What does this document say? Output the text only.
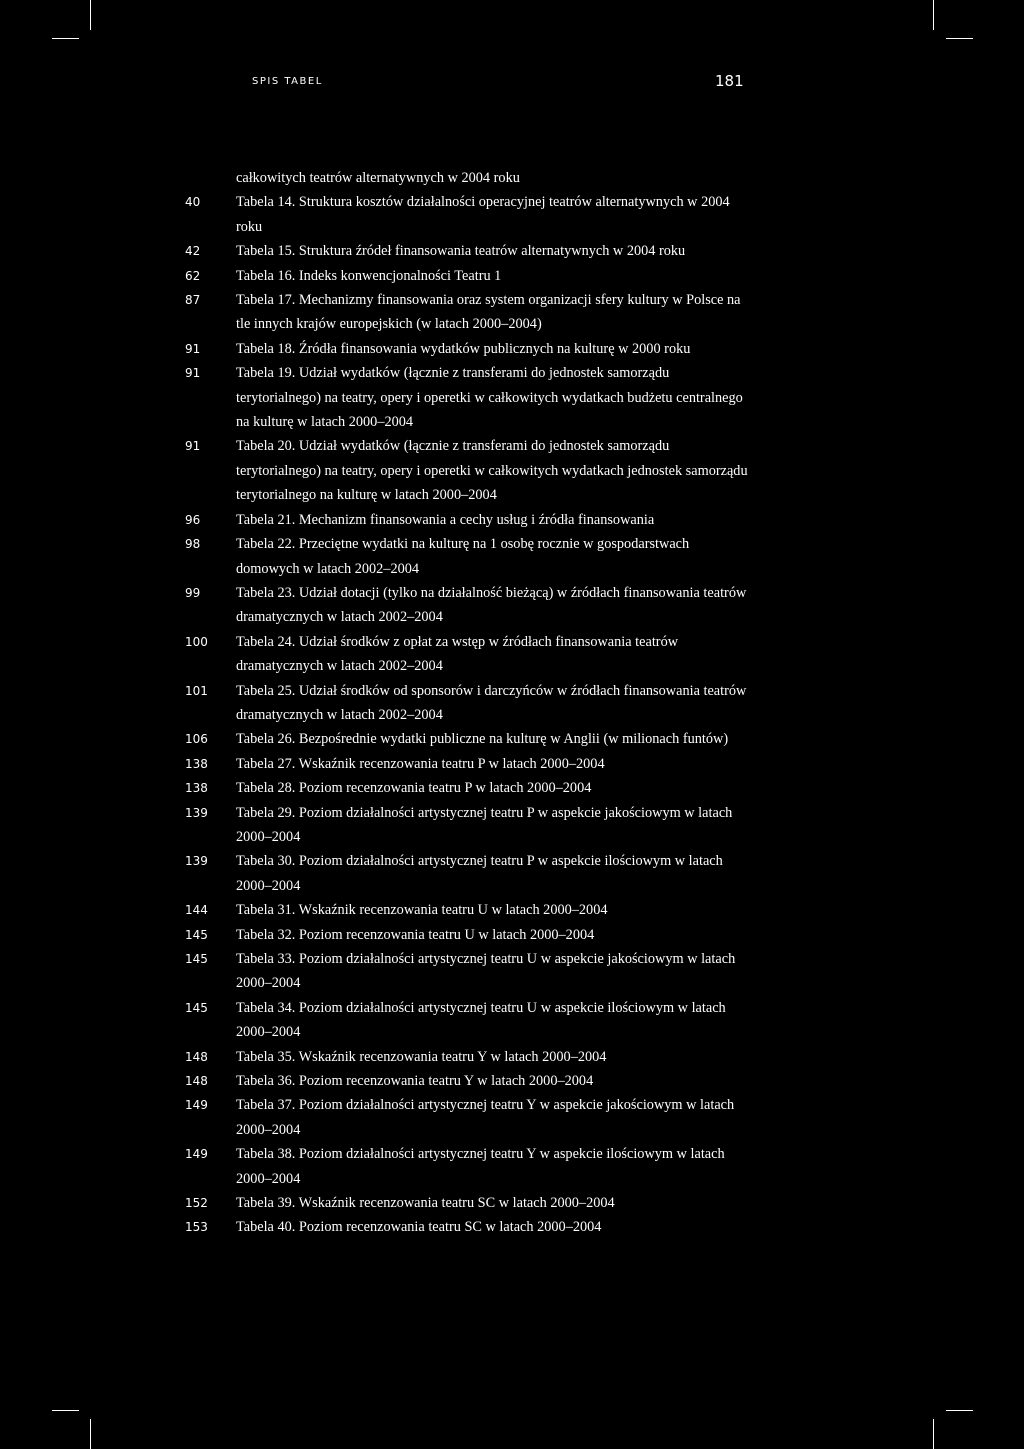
SPIS TABEL	181
całkowitych teatrów alternatywnych w 2004 roku
40	Tabela 14. Struktura kosztów działalności operacyjnej teatrów alternatywnych w 2004 roku
42	Tabela 15. Struktura źródeł finansowania teatrów alternatywnych w 2004 roku
62	Tabela 16. Indeks konwencjonalności Teatru 1
87	Tabela 17. Mechanizmy finansowania oraz system organizacji sfery kultury w Polsce na tle innych krajów europejskich (w latach 2000–2004)
91	Tabela 18. Źródła finansowania wydatków publicznych na kulturę w 2000 roku
91	Tabela 19. Udział wydatków (łącznie z transferami do jednostek samorządu terytorialnego) na teatry, opery i operetki w całkowitych wydatkach budżetu centralnego na kulturę w latach 2000–2004
91	Tabela 20. Udział wydatków (łącznie z transferami do jednostek samorządu terytorialnego) na teatry, opery i operetki w całkowitych wydatkach jednostek samorządu terytorialnego na kulturę w latach 2000–2004
96	Tabela 21. Mechanizm finansowania a cechy usług i źródła finansowania
98	Tabela 22. Przeciętne wydatki na kulturę na 1 osobę rocznie w gospodarstwach domowych w latach 2002–2004
99	Tabela 23. Udział dotacji (tylko na działalność bieżącą) w źródłach finansowania teatrów dramatycznych w latach 2002–2004
100	Tabela 24. Udział środków z opłat za wstęp w źródłach finansowania teatrów dramatycznych w latach 2002–2004
101	Tabela 25. Udział środków od sponsorów i darczyńców w źródłach finansowania teatrów dramatycznych w latach 2002–2004
106	Tabela 26. Bezpośrednie wydatki publiczne na kulturę w Anglii (w milionach funtów)
138	Tabela 27. Wskaźnik recenzowania teatru P w latach 2000–2004
138	Tabela 28. Poziom recenzowania teatru P w latach 2000–2004
139	Tabela 29. Poziom działalności artystycznej teatru P w aspekcie jakościowym w latach 2000–2004
139	Tabela 30. Poziom działalności artystycznej teatru P w aspekcie ilościowym w latach 2000–2004
144	Tabela 31. Wskaźnik recenzowania teatru U w latach 2000–2004
145	Tabela 32. Poziom recenzowania teatru U w latach 2000–2004
145	Tabela 33. Poziom działalności artystycznej teatru U w aspekcie jakościowym w latach 2000–2004
145	Tabela 34. Poziom działalności artystycznej teatru U w aspekcie ilościowym w latach 2000–2004
148	Tabela 35. Wskaźnik recenzowania teatru Y w latach 2000–2004
148	Tabela 36. Poziom recenzowania teatru Y w latach 2000–2004
149	Tabela 37. Poziom działalności artystycznej teatru Y w aspekcie jakościowym w latach 2000–2004
149	Tabela 38. Poziom działalności artystycznej teatru Y w aspekcie ilościowym w latach 2000–2004
152	Tabela 39. Wskaźnik recenzowania teatru SC w latach 2000–2004
153	Tabela 40. Poziom recenzowania teatru SC w latach 2000–2004
